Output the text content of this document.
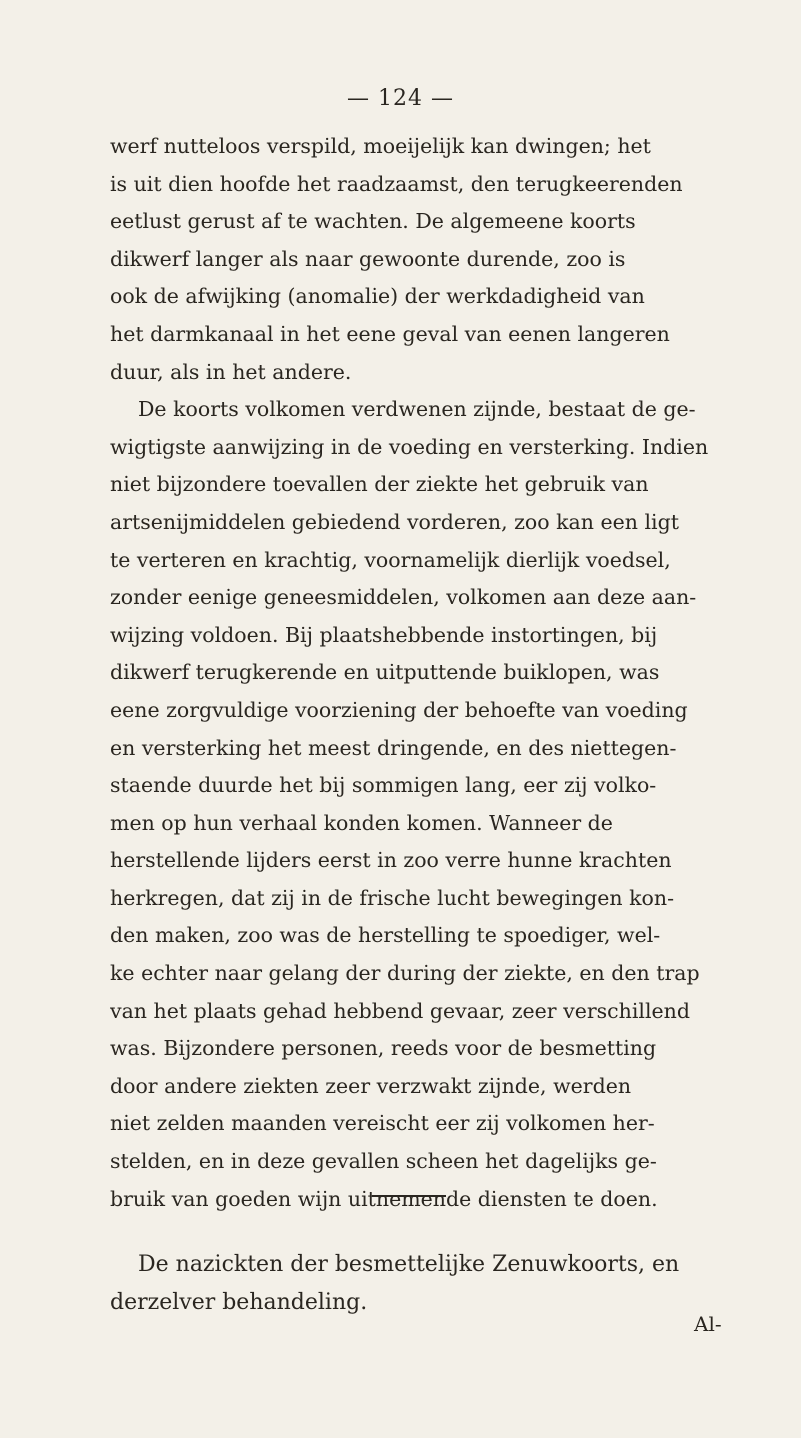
— 124 —
werf nutteloos verspild, moeijelijk kan dwingen; het
is uit dien hoofde het raadzaamst, den terugkeerenden
eetlust gerust af te wachten. De algemeene koorts
dikwerf langer als naar gewoonte durende, zoo is
ook de afwijking (anomalie) der werkdadigheid van
het darmkanaal in het eene geval van eenen langeren
duur, als in het andere.
De koorts volkomen verdwenen zijnde, bestaat de ge-
wigtigste aanwijzing in de voeding en versterking. Indien
niet bijzondere toevallen der ziekte het gebruik van
artsenijmiddelen gebiedend vorderen, zoo kan een ligt
te verteren en krachtig, voornamelijk dierlijk voedsel,
zonder eenige geneesmiddelen, volkomen aan deze aan-
wijzing voldoen. Bij plaatshebbende instortingen, bij
dikwerf terugkerende en uitputtende buiklopen, was
eene zorgvuldige voorziening der behoefte van voeding
en versterking het meest dringende, en des niettegen-
staende duurde het bij sommigen lang, eer zij volko-
men op hun verhaal konden komen. Wanneer de
herstellende lijders eerst in zoo verre hunne krachten
herkregen, dat zij in de frische lucht bewegingen kon-
den maken, zoo was de herstelling te spoediger, wel-
ke echter naar gelang der during der ziekte, en den trap
van het plaats gehad hebbend gevaar, zeer verschillend
was. Bijzondere personen, reeds voor de besmetting
door andere ziekten zeer verzwakt zijnde, werden
niet zelden maanden vereischt eer zij volkomen her-
stelden, en in deze gevallen scheen het dagelijks ge-
bruik van goeden wijn uitnemende diensten te doen.
De nazickten der besmettelijke Zenuwkoorts, en
derzelver behandeling.
Al-
